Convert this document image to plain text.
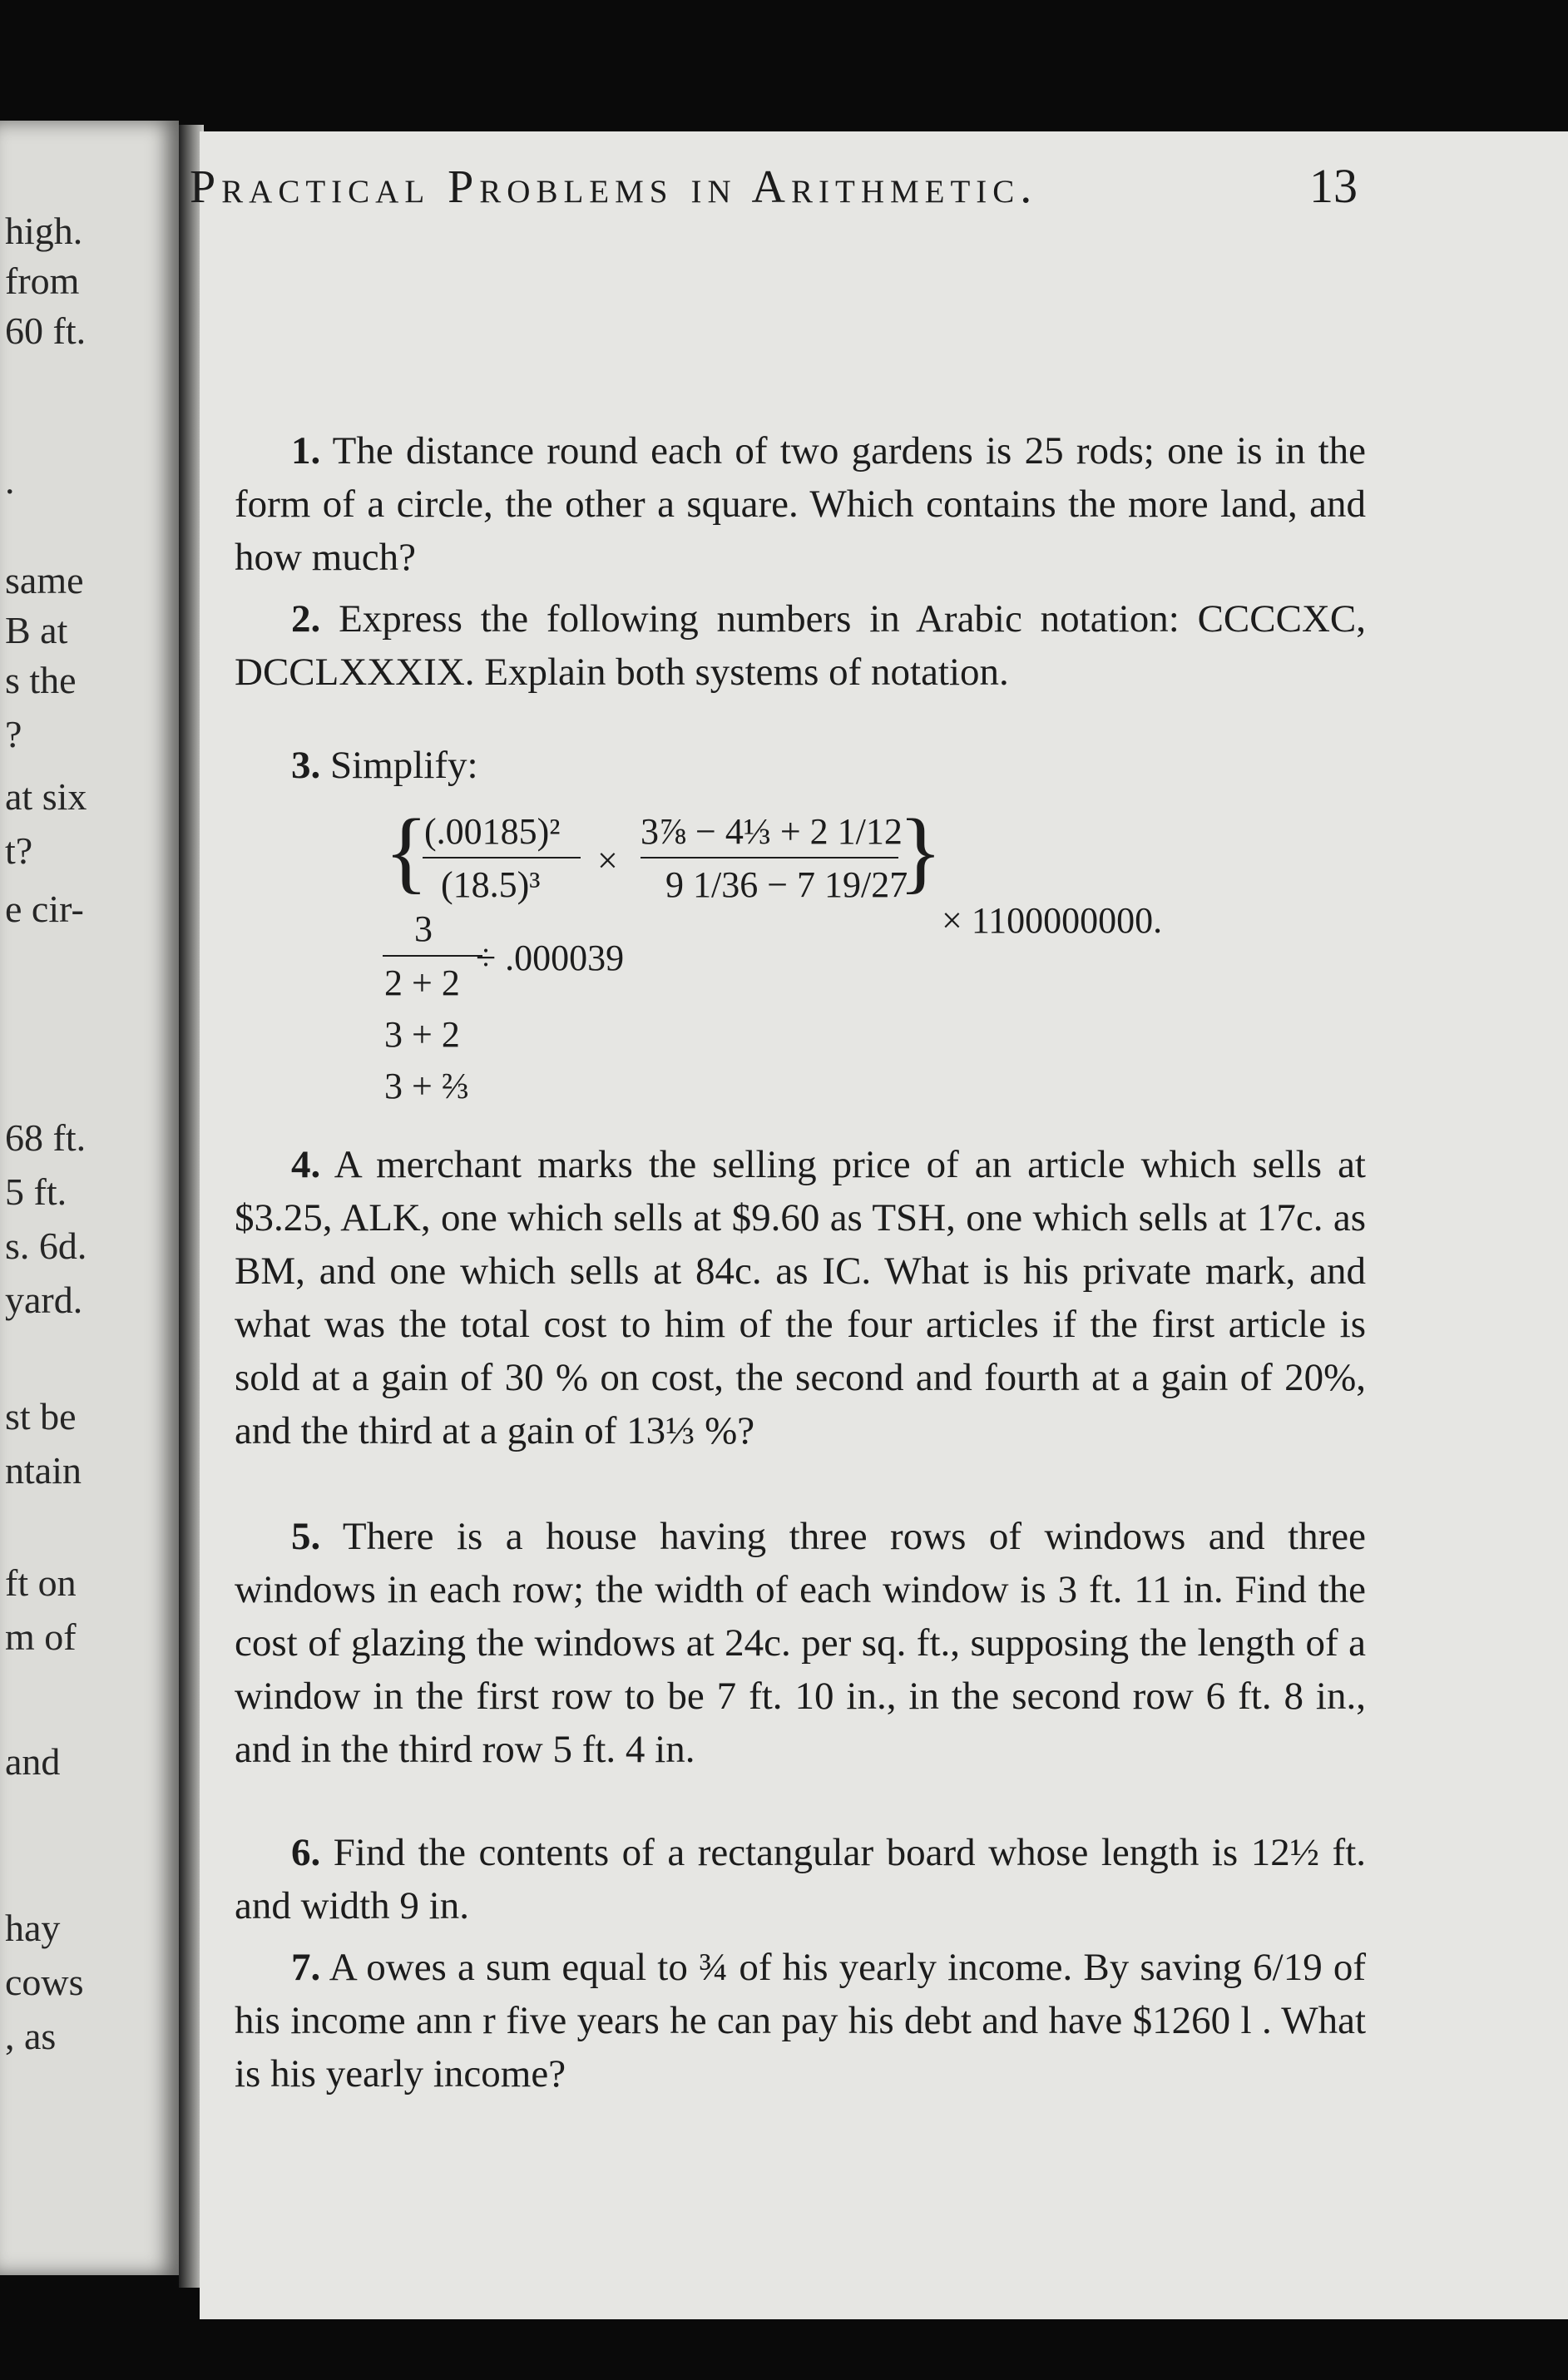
high.
from
60 ft.
.
same
B at
s the
?
at six
t?
e cir-
68 ft.
5 ft.
s. 6d.
yard.
st be
ntain
ft on
m of
and
hay
cows
, as
Practical Problems in Arithmetic.	13

1. The distance round each of two gardens is 25 rods; one is in the form of a circle, the other a square. Which contains the more land, and how much?

2. Express the following numbers in Arabic notation: CCCCXC, DCCLXXXIX. Explain both systems of notation.

3. Simplify:

{
(.00185)²
(18.5)³
×
3⅞ − 4⅓ + 2 1/12
9 1/36 − 7 19/27
}
× 1100000000.
3
2 + 2
÷ .000039
3 + 2
3 + ⅔

4. A merchant marks the selling price of an article which sells at $3.25, ALK, one which sells at $9.60 as TSH, one which sells at 17c. as BM, and one which sells at 84c. as IC. What is his private mark, and what was the total cost to him of the four articles if the first article is sold at a gain of 30 % on cost, the second and fourth at a gain of 20%, and the third at a gain of 13⅓ %?

5. There is a house having three rows of windows and three windows in each row; the width of each window is 3 ft. 11 in. Find the cost of glazing the windows at 24c. per sq. ft., supposing the length of a window in the first row to be 7 ft. 10 in., in the second row 6 ft. 8 in., and in the third row 5 ft. 4 in.

6. Find the contents of a rectangular board whose length is 12½ ft. and width 9 in.

7. A owes a sum equal to ¾ of his yearly income. By saving 6/19 of his income ann r five years he can pay his debt and have $1260 l . What is his yearly income?
